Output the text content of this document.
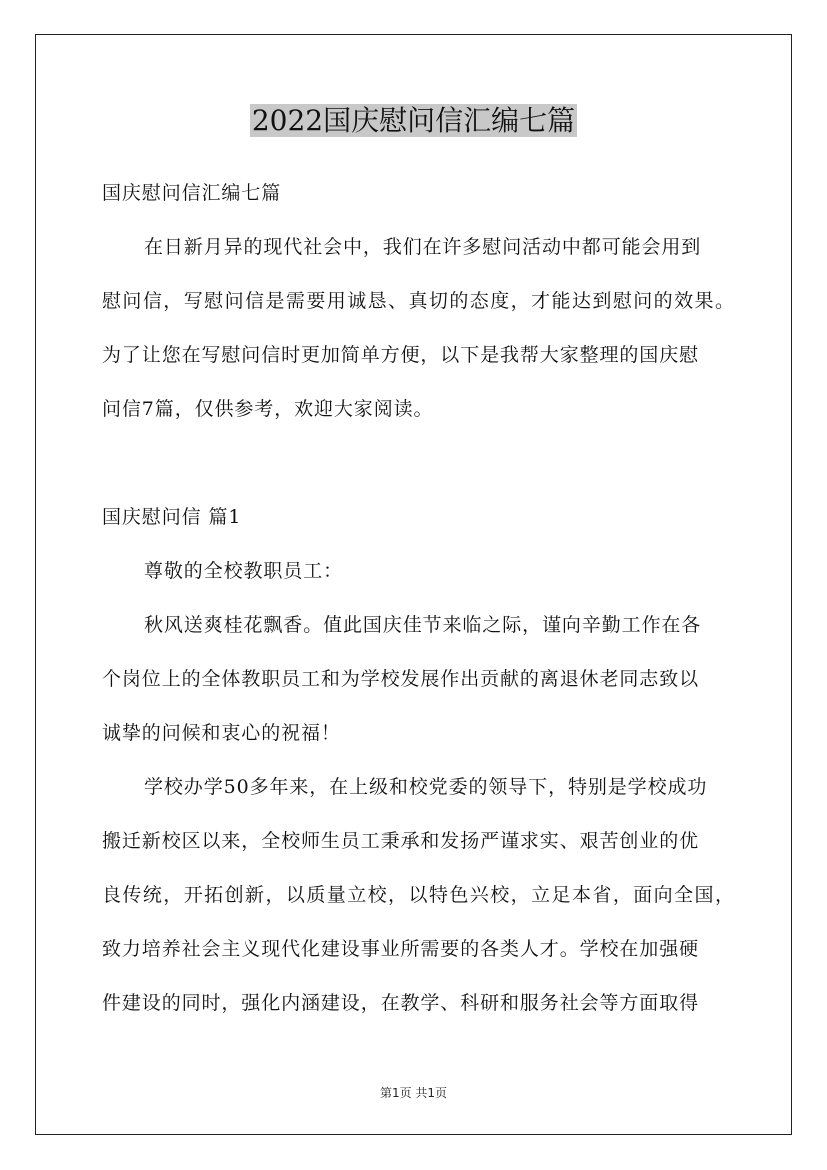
2022国庆慰问信汇编七篇
国庆慰问信汇编七篇
在日新月异的现代社会中，我们在许多慰问活动中都可能会用到
慰问信，写慰问信是需要用诚恳、真切的态度，才能达到慰问的效果。
为了让您在写慰问信时更加简单方便，以下是我帮大家整理的国庆慰
问信7篇，仅供参考，欢迎大家阅读。
国庆慰问信 篇1
尊敬的全校教职员工：
秋风送爽桂花飘香。值此国庆佳节来临之际，谨向辛勤工作在各
个岗位上的全体教职员工和为学校发展作出贡献的离退休老同志致以
诚挚的问候和衷心的祝福！
学校办学50多年来，在上级和校党委的领导下，特别是学校成功
搬迁新校区以来，全校师生员工秉承和发扬严谨求实、艰苦创业的优
良传统，开拓创新，以质量立校，以特色兴校，立足本省，面向全国，
致力培养社会主义现代化建设事业所需要的各类人才。学校在加强硬
件建设的同时，强化内涵建设，在教学、科研和服务社会等方面取得
第1页 共1页
